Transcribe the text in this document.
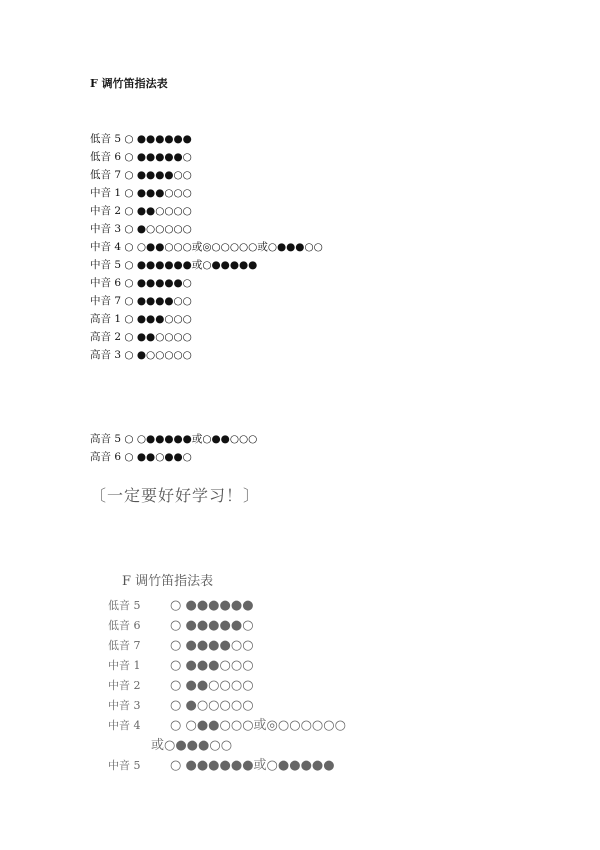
F 调竹笛指法表
低音 5 ○ ●●●●●●
低音 6 ○ ●●●●●○
低音 7 ○ ●●●●○○
中音 1 ○ ●●●○○○
中音 2 ○ ●●○○○○
中音 3 ○ ●○○○○○
中音 4 ○ ○●●○○○或◎○○○○○或○●●●○○
中音 5 ○ ●●●●●●或○●●●●●
中音 6 ○ ●●●●●○
中音 7 ○ ●●●●○○
高音 1 ○ ●●●○○○
高音 2 ○ ●●○○○○
高音 3 ○ ●○○○○○
高音 5 ○ ○●●●●●或○●●○○○
高音 6 ○ ●●○●●○
〔一定要好好学习！〕
F 调竹笛指法表
低音 5 ○ ●●●●●●
低音 6 ○ ●●●●●○
低音 7 ○ ●●●●○○
中音 1 ○ ●●●○○○
中音 2 ○ ●●○○○○
中音 3 ○ ●○○○○○
中音 4 ○ ○●●○○○或◎○○○○○○
或○●●●○○
中音 5 ○ ●●●●●●或○●●●●●
